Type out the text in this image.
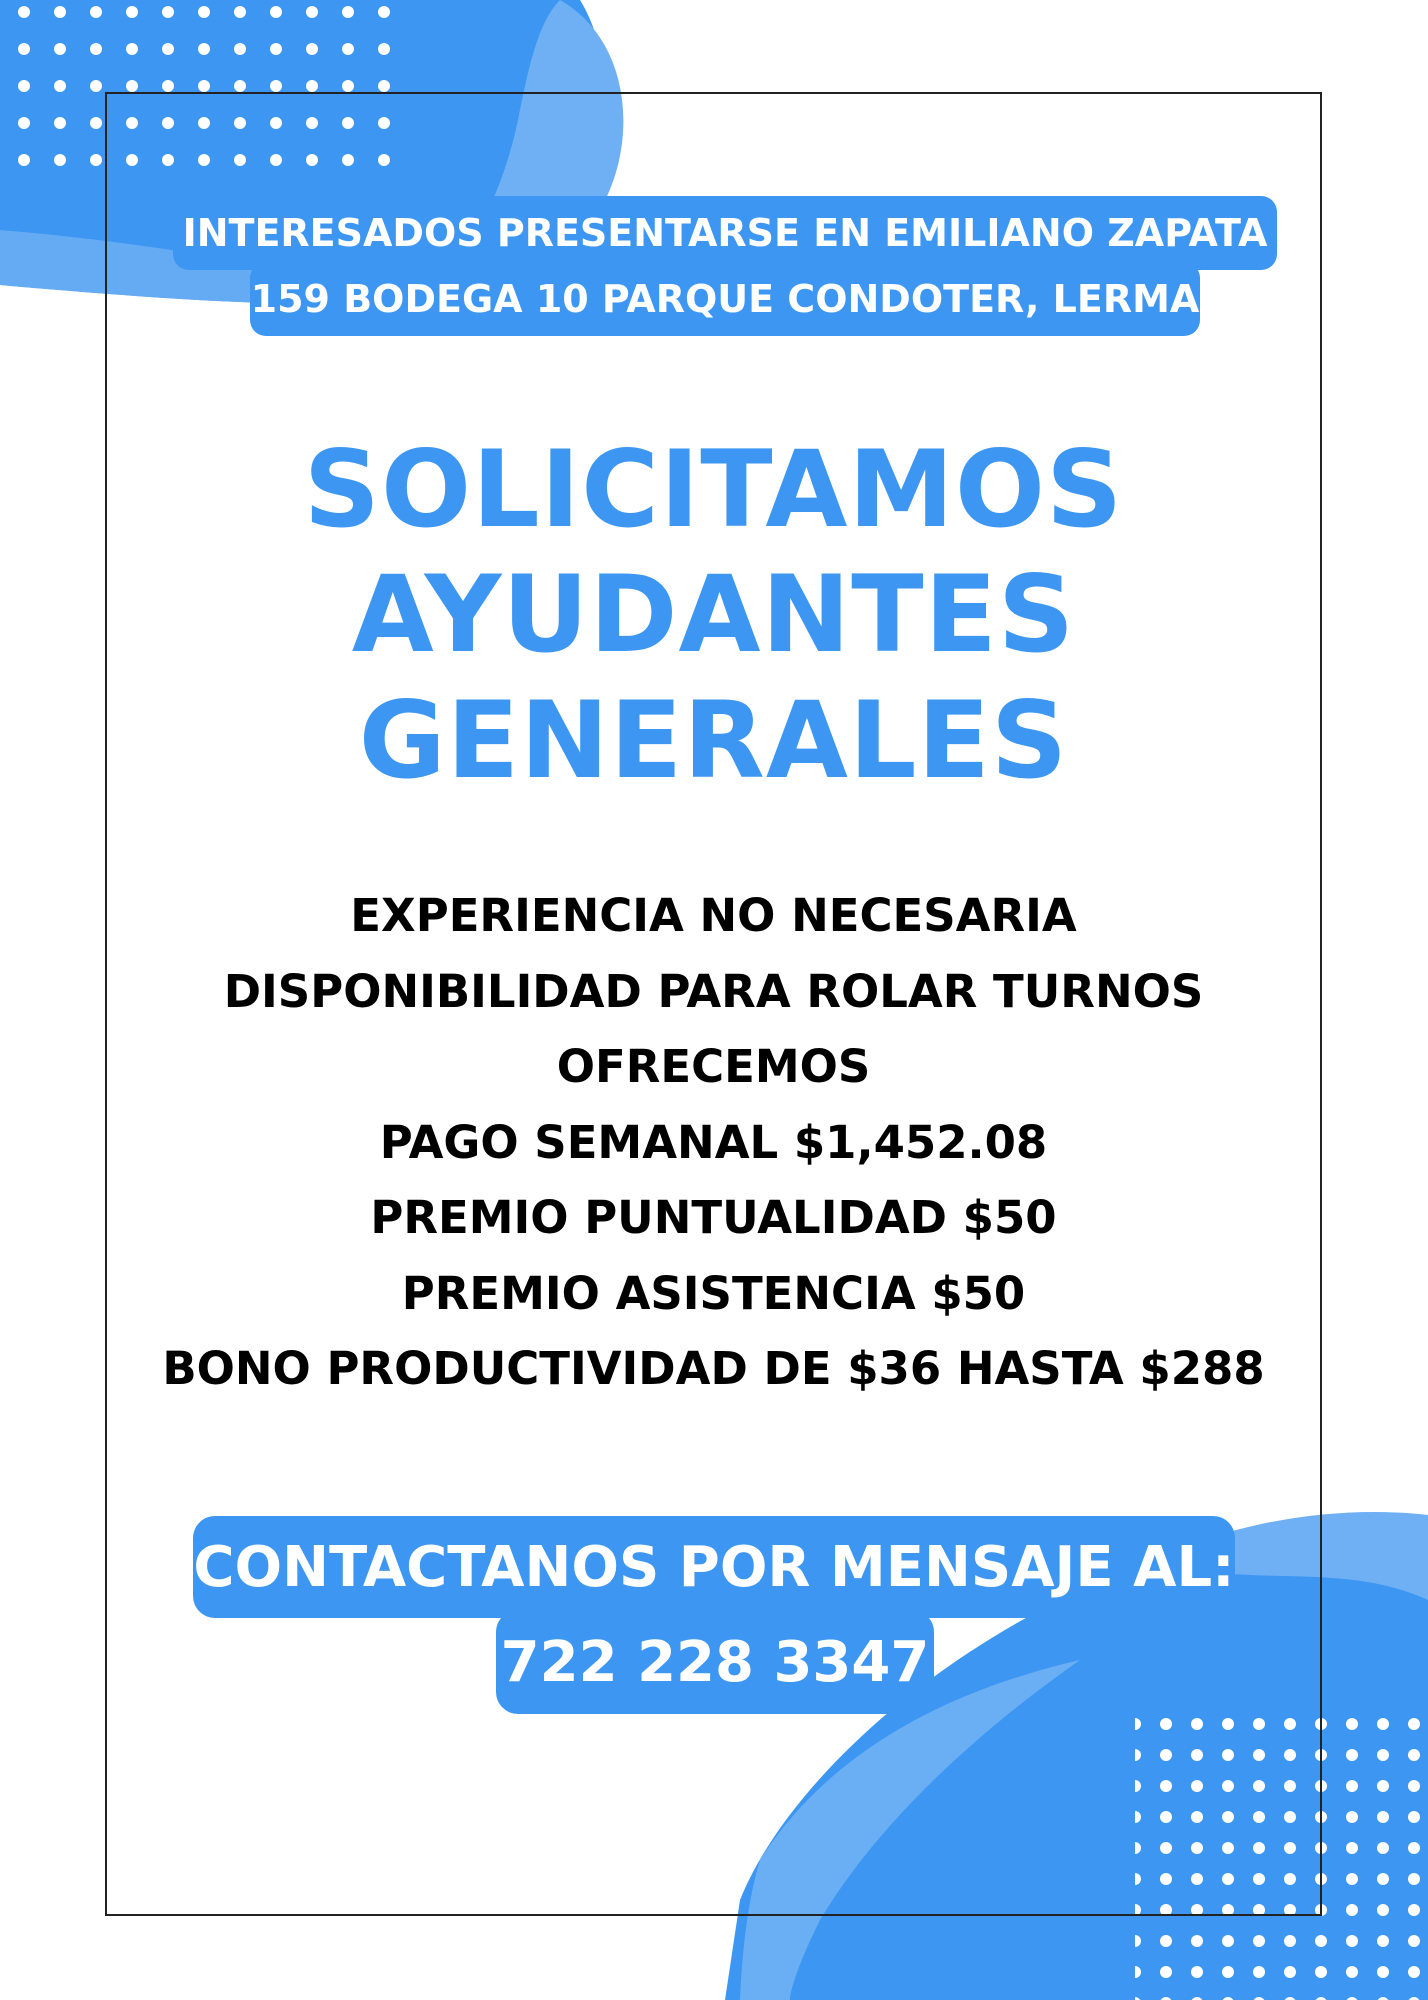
INTERESADOS PRESENTARSE EN EMILIANO ZAPATA
159 BODEGA 10 PARQUE CONDOTER, LERMA
SOLICITAMOS
AYUDANTES
GENERALES
EXPERIENCIA NO NECESARIA
DISPONIBILIDAD PARA ROLAR TURNOS
OFRECEMOS
PAGO SEMANAL $1,452.08
PREMIO PUNTUALIDAD $50
PREMIO ASISTENCIA $50
BONO PRODUCTIVIDAD DE $36 HASTA $288
CONTACTANOS POR MENSAJE AL:
722 228 3347
